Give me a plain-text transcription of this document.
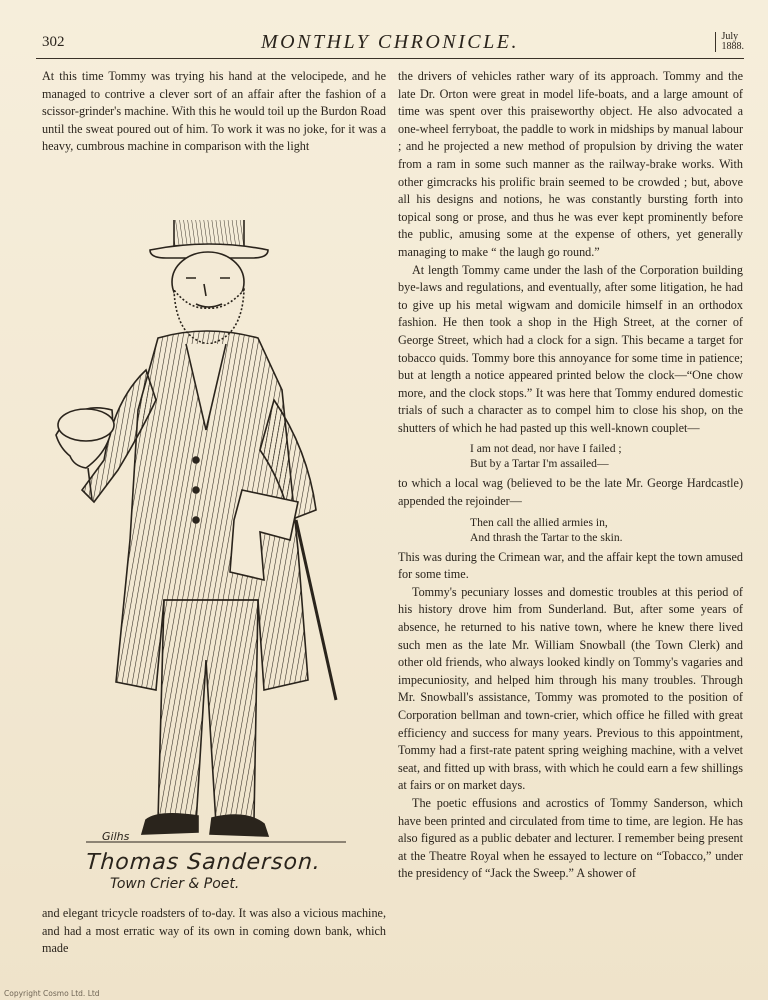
302	MONTHLY CHRONICLE.	July
1888.

At this time Tommy was trying his hand at the velocipede, and he managed to contrive a clever sort of an affair after the fashion of a scissor-grinder's machine. With this he would toil up the Burdon Road until the sweat poured out of him. To work it was no joke, for it was a heavy, cumbrous machine in comparison with the light

Gilhs
Thomas Sanderson.
Town Crier & Poet.

and elegant tricycle roadsters of to-day. It was also a vicious machine, and had a most erratic way of its own in coming down bank, which made

the drivers of vehicles rather wary of its approach. Tommy and the late Dr. Orton were great in model life-boats, and a large amount of time was spent over this praiseworthy object. He also advocated a one-wheel ferryboat, the paddle to work in midships by manual labour ; and he projected a new method of propulsion by driving the water from a ram in some such manner as the railway-brake works. With other gimcracks his prolific brain seemed to be crowded ; but, above all his designs and notions, he was constantly bursting forth into topical song or prose, and thus he was ever kept prominently before the public, amusing some at the expense of others, yet generally managing to make “ the laugh go round.”

At length Tommy came under the lash of the Corporation building bye-laws and regulations, and eventually, after some litigation, he had to give up his metal wigwam and domicile himself in an orthodox fashion. He then took a shop in the High Street, at the corner of George Street, which had a clock for a sign. This became a target for tobacco quids. Tommy bore this annoyance for some time in patience; but at length a notice appeared printed below the clock—“One chow more, and the clock stops.” It was here that Tommy endured domestic trials of such a character as to compel him to close his shop, on the shutters of which he had pasted up this well-known couplet—

I am not dead, nor have I failed ;
But by a Tartar I'm assailed—

to which a local wag (believed to be the late Mr. George Hardcastle) appended the rejoinder—

Then call the allied armies in,
And thrash the Tartar to the skin.

This was during the Crimean war, and the affair kept the town amused for some time.

Tommy's pecuniary losses and domestic troubles at this period of his history drove him from Sunderland. But, after some years of absence, he returned to his native town, where he knew there lived such men as the late Mr. William Snowball (the Town Clerk) and other old friends, who always looked kindly on Tommy's vagaries and impecuniosity, and helped him through his many troubles. Through Mr. Snowball's assistance, Tommy was promoted to the position of Corporation bellman and town-crier, which office he filled with great efficiency and success for many years. Previous to this appointment, Tommy had a first-rate patent spring weighing machine, with a velvet seat, and fitted up with brass, with which he could earn a few shillings at fairs or on market days.

The poetic effusions and acrostics of Tommy Sanderson, which have been printed and circulated from time to time, are legion. He has also figured as a public debater and lecturer. I remember being present at the Theatre Royal when he essayed to lecture on “Tobacco,” under the presidency of “Jack the Sweep.” A shower of

Copyright Cosmo Ltd. Ltd
